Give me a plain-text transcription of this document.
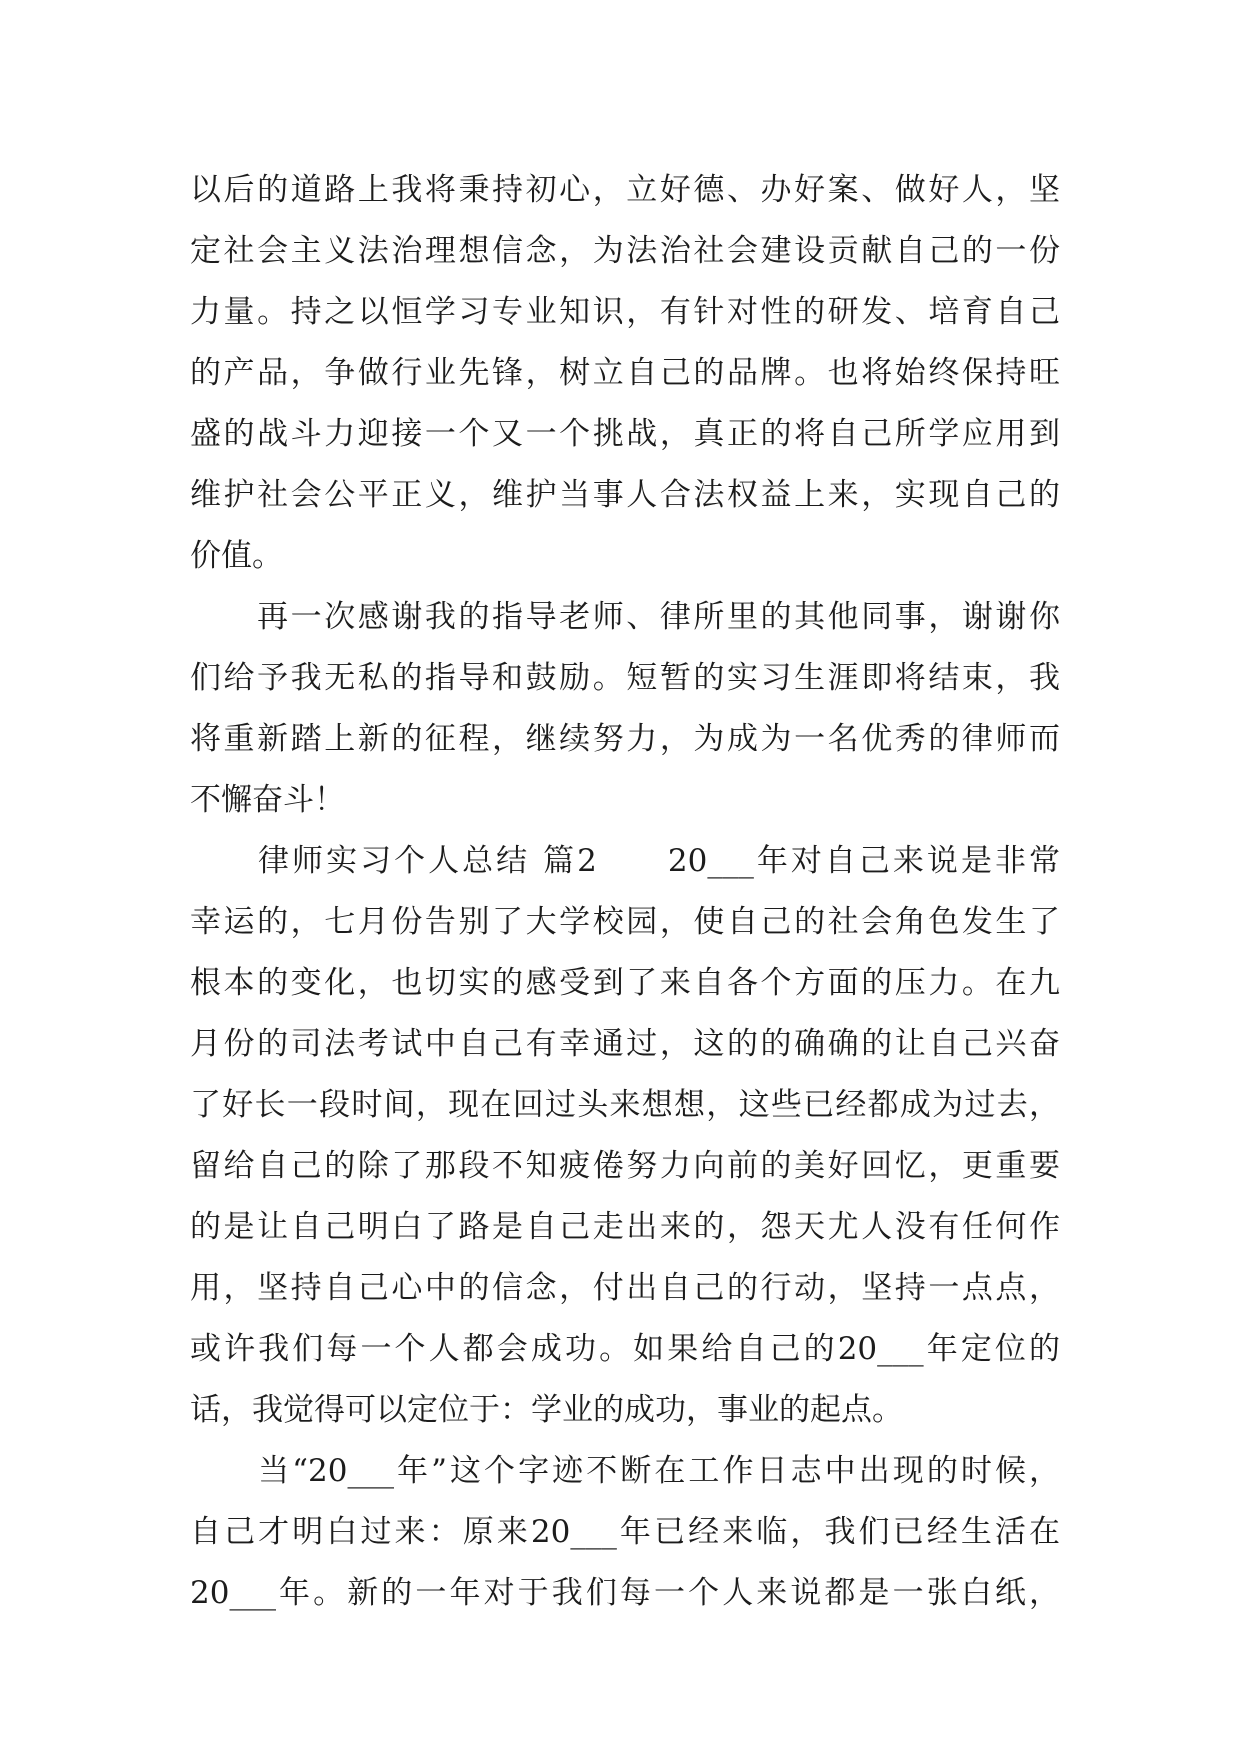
以后的道路上我将秉持初心，立好德、办好案、做好人，坚
定社会主义法治理想信念，为法治社会建设贡献自己的一份
力量。持之以恒学习专业知识，有针对性的研发、培育自己
的产品，争做行业先锋，树立自己的品牌。也将始终保持旺
盛的战斗力迎接一个又一个挑战，真正的将自己所学应用到
维护社会公平正义，维护当事人合法权益上来，实现自己的
价值。
　　再一次感谢我的指导老师、律所里的其他同事，谢谢你
们给予我无私的指导和鼓励。短暂的实习生涯即将结束，我
将重新踏上新的征程，继续努力，为成为一名优秀的律师而
不懈奋斗！
　　律师实习个人总结 篇2　　20___年对自己来说是非常
幸运的，七月份告别了大学校园，使自己的社会角色发生了
根本的变化，也切实的感受到了来自各个方面的压力。在九
月份的司法考试中自己有幸通过，这的的确确的让自己兴奋
了好长一段时间，现在回过头来想想，这些已经都成为过去，
留给自己的除了那段不知疲倦努力向前的美好回忆，更重要
的是让自己明白了路是自己走出来的，怨天尤人没有任何作
用，坚持自己心中的信念，付出自己的行动，坚持一点点，
或许我们每一个人都会成功。如果给自己的20___年定位的
话，我觉得可以定位于：学业的成功，事业的起点。
　　当“20___年”这个字迹不断在工作日志中出现的时候，
自己才明白过来：原来20___年已经来临，我们已经生活在
20___年。新的一年对于我们每一个人来说都是一张白纸，
